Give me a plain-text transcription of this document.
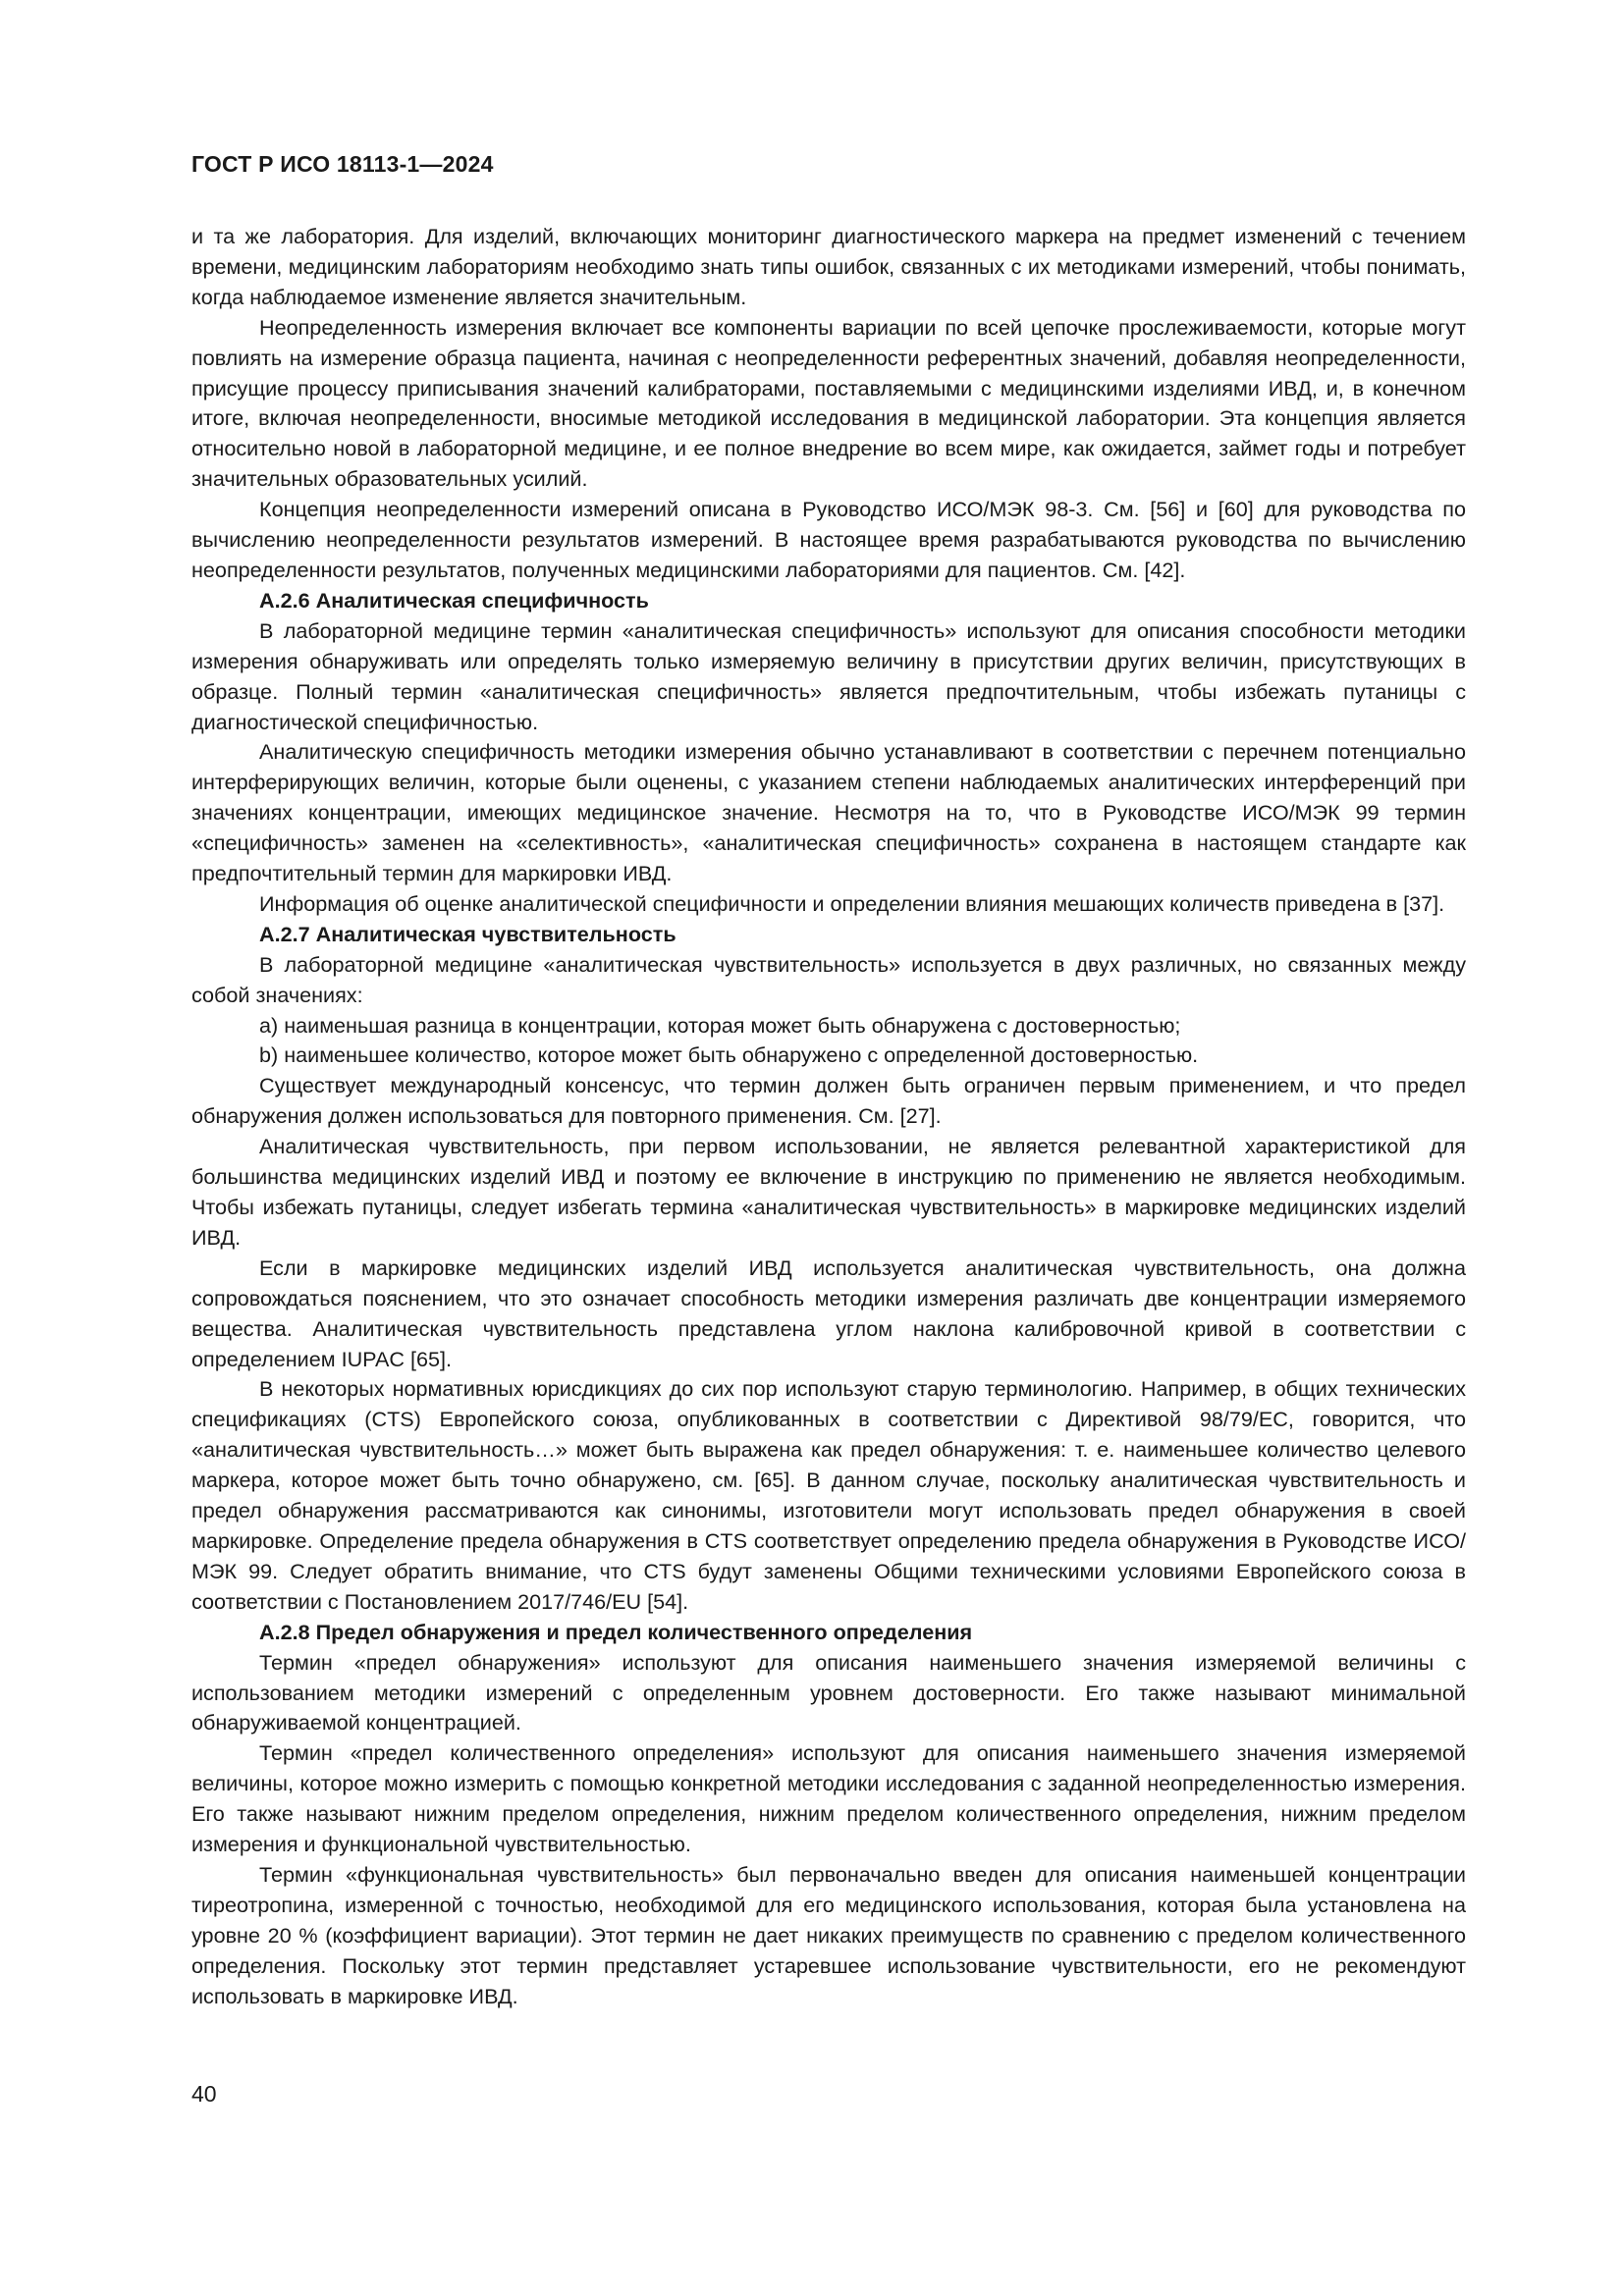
ГОСТ Р ИСО 18113-1—2024

и та же лаборатория. Для изделий, включающих мониторинг диагностического маркера на предмет изменений с течением времени, медицинским лабораториям необходимо знать типы ошибок, связанных с их методиками измерений, чтобы понимать, когда наблюдаемое изменение является значительным.

Неопределенность измерения включает все компоненты вариации по всей цепочке прослеживаемости, которые могут повлиять на измерение образца пациента, начиная с неопределенности референтных значений, добавляя неопределенности, присущие процессу приписывания значений калибраторами, поставляемыми с медицинскими изделиями ИВД, и, в конечном итоге, включая неопределенности, вносимые методикой исследования в медицинской лаборатории. Эта концепция является относительно новой в лабораторной медицине, и ее полное внедрение во всем мире, как ожидается, займет годы и потребует значительных образовательных усилий.

Концепция неопределенности измерений описана в Руководство ИСО/МЭК 98-3. См. [56] и [60] для руководства по вычислению неопределенности результатов измерений. В настоящее время разрабатываются руководства по вычислению неопределенности результатов, полученных медицинскими лабораториями для пациентов. См. [42].

A.2.6 Аналитическая специфичность

В лабораторной медицине термин «аналитическая специфичность» используют для описания способности методики измерения обнаруживать или определять только измеряемую величину в присутствии других величин, присутствующих в образце. Полный термин «аналитическая специфичность» является предпочтительным, чтобы избежать путаницы с диагностической специфичностью.

Аналитическую специфичность методики измерения обычно устанавливают в соответствии с перечнем потенциально интерферирующих величин, которые были оценены, с указанием степени наблюдаемых аналитических интерференций при значениях концентрации, имеющих медицинское значение. Несмотря на то, что в Руководстве ИСО/МЭК 99 термин «специфичность» заменен на «селективность», «аналитическая специфичность» сохранена в настоящем стандарте как предпочтительный термин для маркировки ИВД.

Информация об оценке аналитической специфичности и определении влияния мешающих количеств приведена в [37].

A.2.7 Аналитическая чувствительность

В лабораторной медицине «аналитическая чувствительность» используется в двух различных, но связанных между собой значениях:

a) наименьшая разница в концентрации, которая может быть обнаружена с достоверностью;
b) наименьшее количество, которое может быть обнаружено с определенной достоверностью.

Существует международный консенсус, что термин должен быть ограничен первым применением, и что предел обнаружения должен использоваться для повторного применения. См. [27].

Аналитическая чувствительность, при первом использовании, не является релевантной характеристикой для большинства медицинских изделий ИВД и поэтому ее включение в инструкцию по применению не является необходимым. Чтобы избежать путаницы, следует избегать термина «аналитическая чувствительность» в маркировке медицинских изделий ИВД.

Если в маркировке медицинских изделий ИВД используется аналитическая чувствительность, она должна сопровождаться пояснением, что это означает способность методики измерения различать две концентрации измеряемого вещества. Аналитическая чувствительность представлена углом наклона калибровочной кривой в соответствии с определением IUPAC [65].

В некоторых нормативных юрисдикциях до сих пор используют старую терминологию. Например, в общих технических спецификациях (CTS) Европейского союза, опубликованных в соответствии с Директивой 98/79/ЕС, говорится, что «аналитическая чувствительность…» может быть выражена как предел обнаружения: т. е. наименьшее количество целевого маркера, которое может быть точно обнаружено, см. [65]. В данном случае, поскольку аналитическая чувствительность и предел обнаружения рассматриваются как синонимы, изготовители могут использовать предел обнаружения в своей маркировке. Определение предела обнаружения в CTS соответствует определению предела обнаружения в Руководстве ИСО/МЭК 99. Следует обратить внимание, что CTS будут заменены Общими техническими условиями Европейского союза в соответствии с Постановлением 2017/746/EU [54].

A.2.8 Предел обнаружения и предел количественного определения

Термин «предел обнаружения» используют для описания наименьшего значения измеряемой величины с использованием методики измерений с определенным уровнем достоверности. Его также называют минимальной обнаруживаемой концентрацией.

Термин «предел количественного определения» используют для описания наименьшего значения измеряемой величины, которое можно измерить с помощью конкретной методики исследования с заданной неопределенностью измерения. Его также называют нижним пределом определения, нижним пределом количественного определения, нижним пределом измерения и функциональной чувствительностью.

Термин «функциональная чувствительность» был первоначально введен для описания наименьшей концентрации тиреотропина, измеренной с точностью, необходимой для его медицинского использования, которая была установлена на уровне 20 % (коэффициент вариации). Этот термин не дает никаких преимуществ по сравнению с пределом количественного определения. Поскольку этот термин представляет устаревшее использование чувствительности, его не рекомендуют использовать в маркировке ИВД.

40
